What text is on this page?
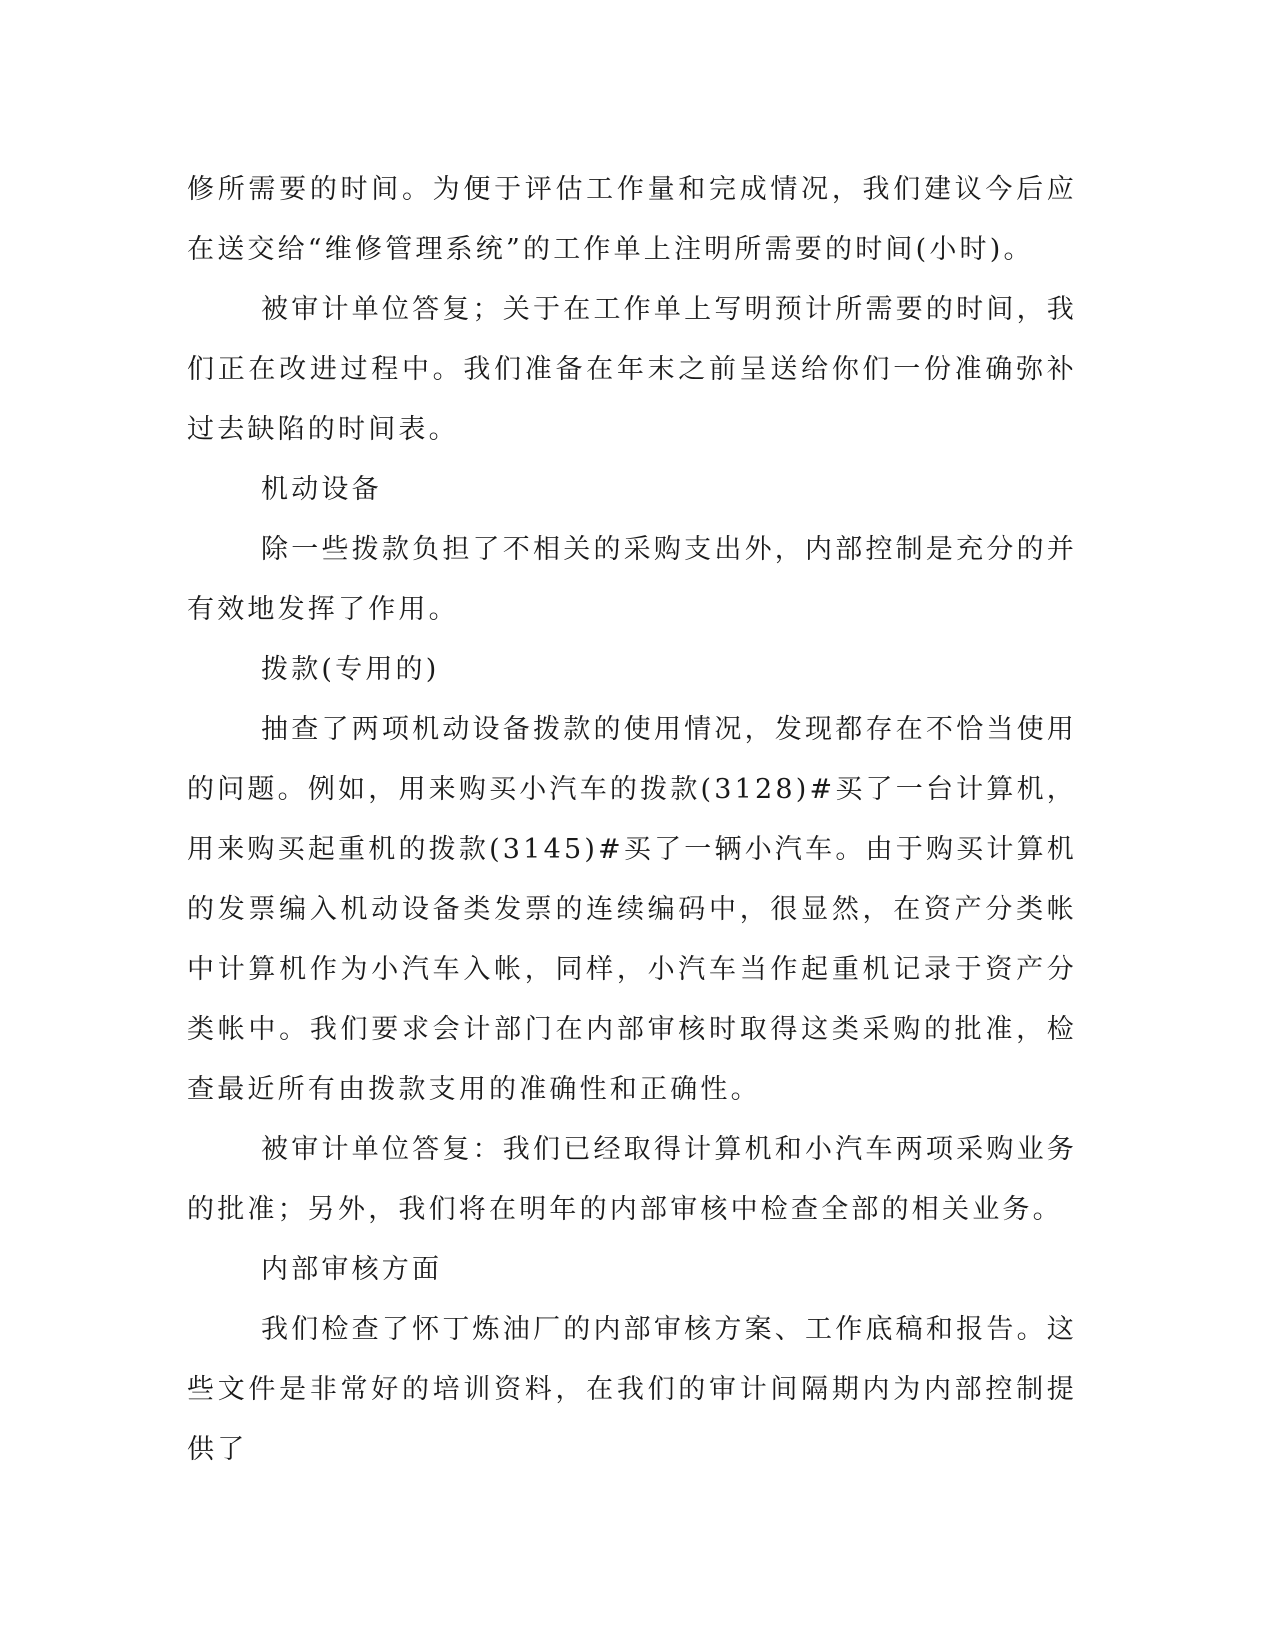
修所需要的时间。为便于评估工作量和完成情况，我们建议今后应在送交给“维修管理系统”的工作单上注明所需要的时间(小时)。

被审计单位答复；关于在工作单上写明预计所需要的时间，我们正在改进过程中。我们准备在年末之前呈送给你们一份准确弥补过去缺陷的时间表。

机动设备

除一些拨款负担了不相关的采购支出外，内部控制是充分的并有效地发挥了作用。

拨款(专用的)

抽查了两项机动设备拨款的使用情况，发现都存在不恰当使用的问题。例如，用来购买小汽车的拨款(3128)#买了一台计算机，用来购买起重机的拨款(3145)#买了一辆小汽车。由于购买计算机的发票编入机动设备类发票的连续编码中，很显然，在资产分类帐中计算机作为小汽车入帐，同样，小汽车当作起重机记录于资产分类帐中。我们要求会计部门在内部审核时取得这类采购的批准，检查最近所有由拨款支用的准确性和正确性。

被审计单位答复：我们已经取得计算机和小汽车两项采购业务的批准；另外，我们将在明年的内部审核中检查全部的相关业务。

内部审核方面

我们检查了怀丁炼油厂的内部审核方案、工作底稿和报告。这些文件是非常好的培训资料，在我们的审计间隔期内为内部控制提供了
